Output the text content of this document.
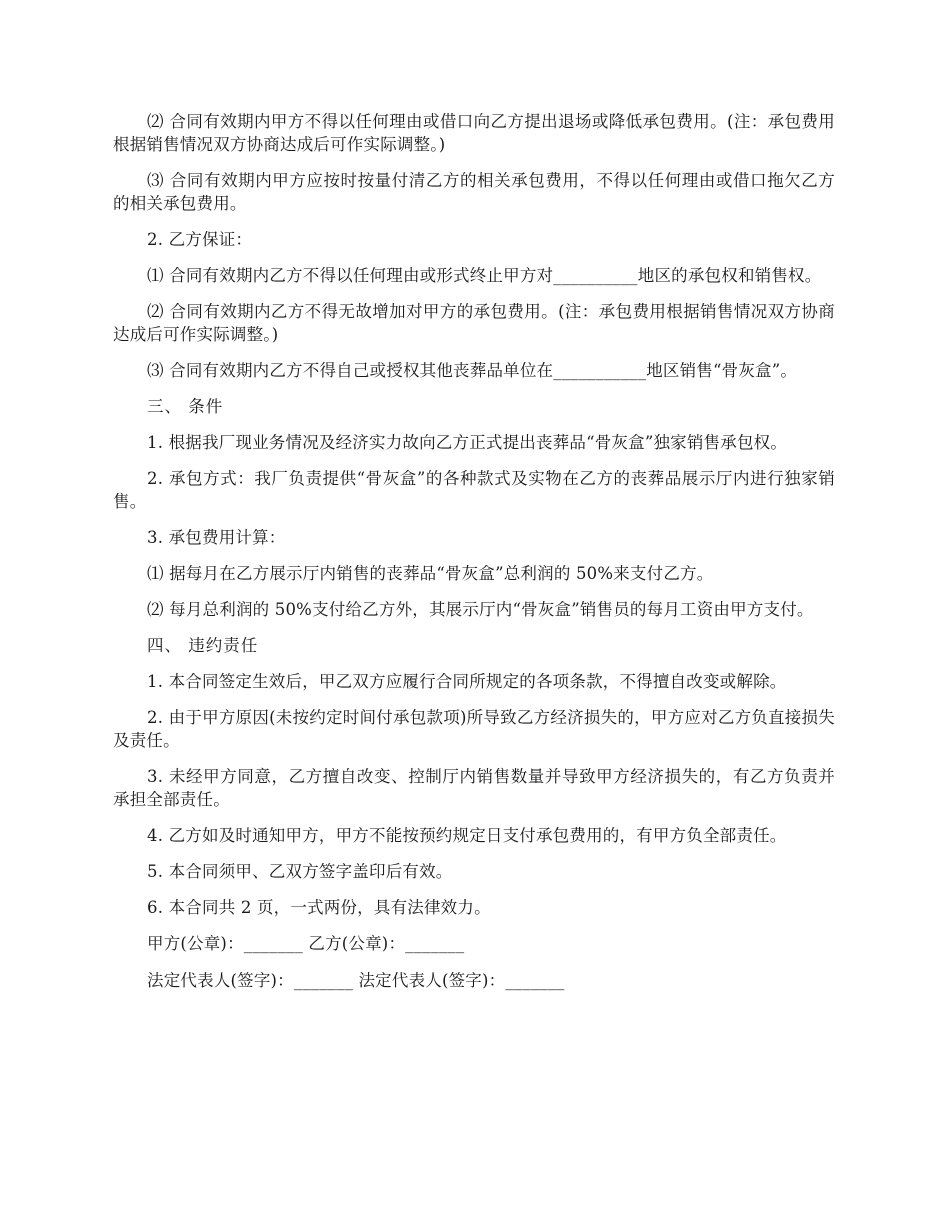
⑵ 合同有效期内甲方不得以任何理由或借口向乙方提出退场或降低承包费用。(注：承包费用根据销售情况双方协商达成后可作实际调整。)

⑶ 合同有效期内甲方应按时按量付清乙方的相关承包费用，不得以任何理由或借口拖欠乙方的相关承包费用。

2. 乙方保证：

⑴ 合同有效期内乙方不得以任何理由或形式终止甲方对__________地区的承包权和销售权。

⑵ 合同有效期内乙方不得无故增加对甲方的承包费用。(注：承包费用根据销售情况双方协商达成后可作实际调整。)

⑶ 合同有效期内乙方不得自己或授权其他丧葬品单位在___________地区销售“骨灰盒”。

三、 条件

1. 根据我厂现业务情况及经济实力故向乙方正式提出丧葬品“骨灰盒”独家销售承包权。

2. 承包方式：我厂负责提供“骨灰盒”的各种款式及实物在乙方的丧葬品展示厅内进行独家销售。

3. 承包费用计算：

⑴ 据每月在乙方展示厅内销售的丧葬品“骨灰盒”总利润的 50%来支付乙方。

⑵ 每月总利润的 50%支付给乙方外，其展示厅内“骨灰盒”销售员的每月工资由甲方支付。

四、 违约责任

1. 本合同签定生效后，甲乙双方应履行合同所规定的各项条款，不得擅自改变或解除。

2. 由于甲方原因(未按约定时间付承包款项)所导致乙方经济损失的，甲方应对乙方负直接损失及责任。

3. 未经甲方同意，乙方擅自改变、控制厅内销售数量并导致甲方经济损失的，有乙方负责并承担全部责任。

4. 乙方如及时通知甲方，甲方不能按预约规定日支付承包费用的，有甲方负全部责任。

5. 本合同须甲、乙双方签字盖印后有效。

6. 本合同共 2 页，一式两份，具有法律效力。

甲方(公章)：_______ 乙方(公章)：_______

法定代表人(签字)：_______ 法定代表人(签字)：_______
